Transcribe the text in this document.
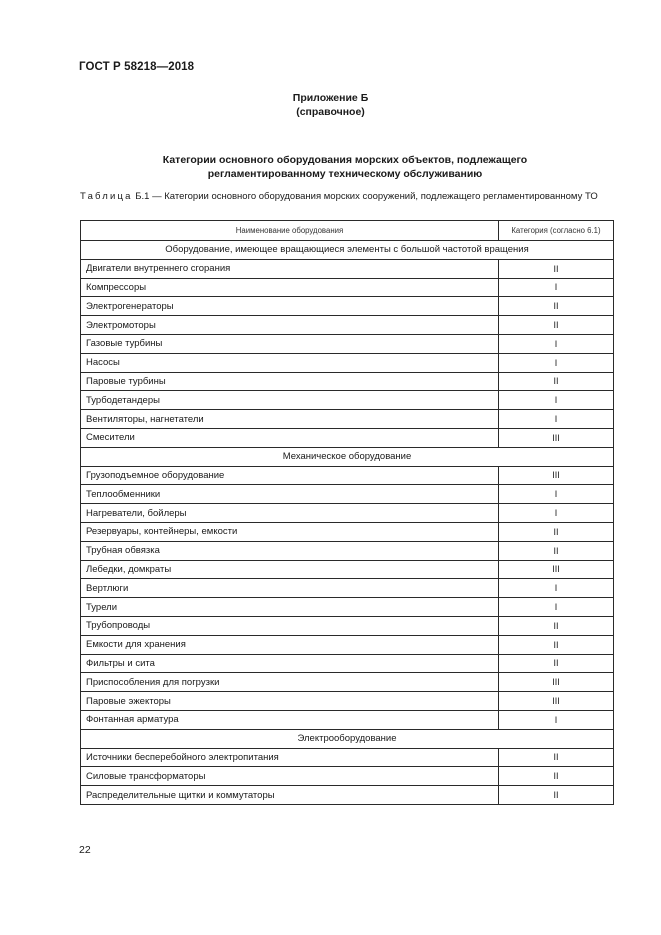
ГОСТ Р 58218—2018
Приложение Б
(справочное)
Категории основного оборудования морских объектов, подлежащего
регламентированному техническому обслуживанию
Таблица Б.1 — Категории основного оборудования морских сооружений, подлежащего регламентированному ТО
Наименование оборудования	Категория (согласно 6.1)
Оборудование, имеющее вращающиеся элементы с большой частотой вращения	
Двигатели внутреннего сгорания	II
Компрессоры	I
Электрогенераторы	II
Электромоторы	II
Газовые турбины	I
Насосы	I
Паровые турбины	II
Турбодетандеры	I
Вентиляторы, нагнетатели	I
Смесители	III
Механическое оборудование	
Грузоподъемное оборудование	III
Теплообменники	I
Нагреватели, бойлеры	I
Резервуары, контейнеры, емкости	II
Трубная обвязка	II
Лебедки, домкраты	III
Вертлюги	I
Турели	I
Трубопроводы	II
Емкости для хранения	II
Фильтры и сита	II
Приспособления для погрузки	III
Паровые эжекторы	III
Фонтанная арматура	I
Электрооборудование	
Источники бесперебойного электропитания	II
Силовые трансформаторы	II
Распределительные щитки и коммутаторы	II
22
